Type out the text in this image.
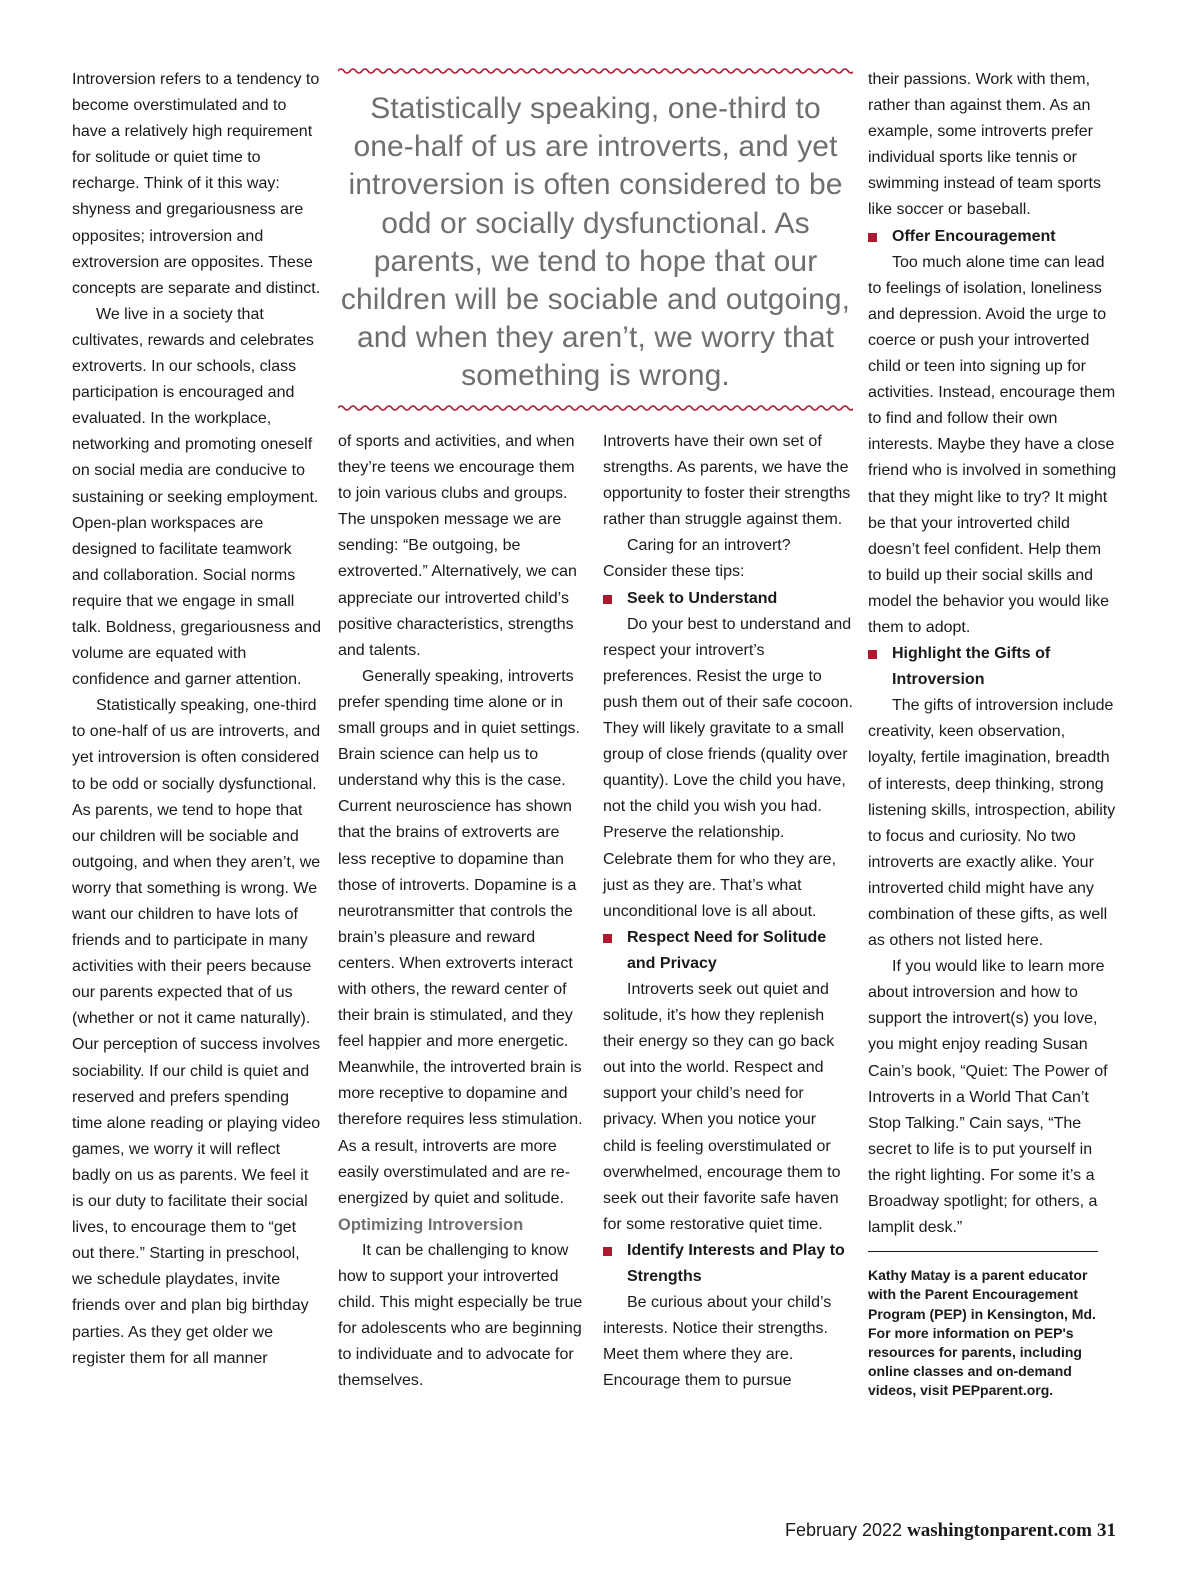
Introversion refers to a tendency to become overstimulated and to have a relatively high requirement for solitude or quiet time to recharge. Think of it this way: shyness and gregariousness are opposites; introversion and extroversion are opposites. These concepts are separate and distinct.

We live in a society that cultivates, rewards and celebrates extroverts. In our schools, class participation is encouraged and evaluated. In the workplace, networking and promoting oneself on social media are conducive to sustaining or seeking employment. Open-plan workspaces are designed to facilitate teamwork and collaboration. Social norms require that we engage in small talk. Boldness, gregariousness and volume are equated with confidence and garner attention.

Statistically speaking, one-third to one-half of us are introverts, and yet introversion is often considered to be odd or socially dysfunctional. As parents, we tend to hope that our children will be sociable and outgoing, and when they aren’t, we worry that something is wrong. We want our children to have lots of friends and to participate in many activities with their peers because our parents expected that of us (whether or not it came naturally). Our perception of success involves sociability. If our child is quiet and reserved and prefers spending time alone reading or playing video games, we worry it will reflect badly on us as parents. We feel it is our duty to facilitate their social lives, to encourage them to “get out there.” Starting in preschool, we schedule playdates, invite friends over and plan big birthday parties. As they get older we register them for all manner

Statistically speaking, one-third to one-half of us are introverts, and yet introversion is often considered to be odd or socially dysfunctional. As parents, we tend to hope that our children will be sociable and outgoing, and when they aren’t, we worry that something is wrong.

of sports and activities, and when they’re teens we encourage them to join various clubs and groups. The unspoken message we are sending: “Be outgoing, be extroverted.” Alternatively, we can appreciate our introverted child’s positive characteristics, strengths and talents.

Generally speaking, introverts prefer spending time alone or in small groups and in quiet settings. Brain science can help us to understand why this is the case. Current neuroscience has shown that the brains of extroverts are less receptive to dopamine than those of introverts. Dopamine is a neurotransmitter that controls the brain’s pleasure and reward centers. When extroverts interact with others, the reward center of their brain is stimulated, and they feel happier and more energetic. Meanwhile, the introverted brain is more receptive to dopamine and therefore requires less stimulation. As a result, introverts are more easily overstimulated and are re-energized by quiet and solitude.

Optimizing Introversion

It can be challenging to know how to support your introverted child. This might especially be true for adolescents who are beginning to individuate and to advocate for themselves.

Introverts have their own set of strengths. As parents, we have the opportunity to foster their strengths rather than struggle against them.

Caring for an introvert? Consider these tips:

Seek to Understand

Do your best to understand and respect your introvert’s preferences. Resist the urge to push them out of their safe cocoon. They will likely gravitate to a small group of close friends (quality over quantity). Love the child you have, not the child you wish you had. Preserve the relationship. Celebrate them for who they are, just as they are. That’s what unconditional love is all about.

Respect Need for Solitude and Privacy

Introverts seek out quiet and solitude, it’s how they replenish their energy so they can go back out into the world. Respect and support your child’s need for privacy. When you notice your child is feeling overstimulated or overwhelmed, encourage them to seek out their favorite safe haven for some restorative quiet time.

Identify Interests and Play to Strengths

Be curious about your child’s interests. Notice their strengths. Meet them where they are. Encourage them to pursue

their passions. Work with them, rather than against them. As an example, some introverts prefer individual sports like tennis or swimming instead of team sports like soccer or baseball.

Offer Encouragement

Too much alone time can lead to feelings of isolation, loneliness and depression. Avoid the urge to coerce or push your introverted child or teen into signing up for activities. Instead, encourage them to find and follow their own interests. Maybe they have a close friend who is involved in something that they might like to try? It might be that your introverted child doesn’t feel confident. Help them to build up their social skills and model the behavior you would like them to adopt.

Highlight the Gifts of Introversion

The gifts of introversion include creativity, keen observation, loyalty, fertile imagination, breadth of interests, deep thinking, strong listening skills, introspection, ability to focus and curiosity. No two introverts are exactly alike. Your introverted child might have any combination of these gifts, as well as others not listed here.

If you would like to learn more about introversion and how to support the introvert(s) you love, you might enjoy reading Susan Cain’s book, “Quiet: The Power of Introverts in a World That Can’t Stop Talking.” Cain says, “The secret to life is to put yourself in the right lighting. For some it’s a Broadway spotlight; for others, a lamplit desk.”

Kathy Matay is a parent educator with the Parent Encouragement Program (PEP) in Kensington, Md. For more information on PEP's resources for parents, including online classes and on-demand videos, visit PEPparent.org.

February 2022 washingtonparent.com 31
